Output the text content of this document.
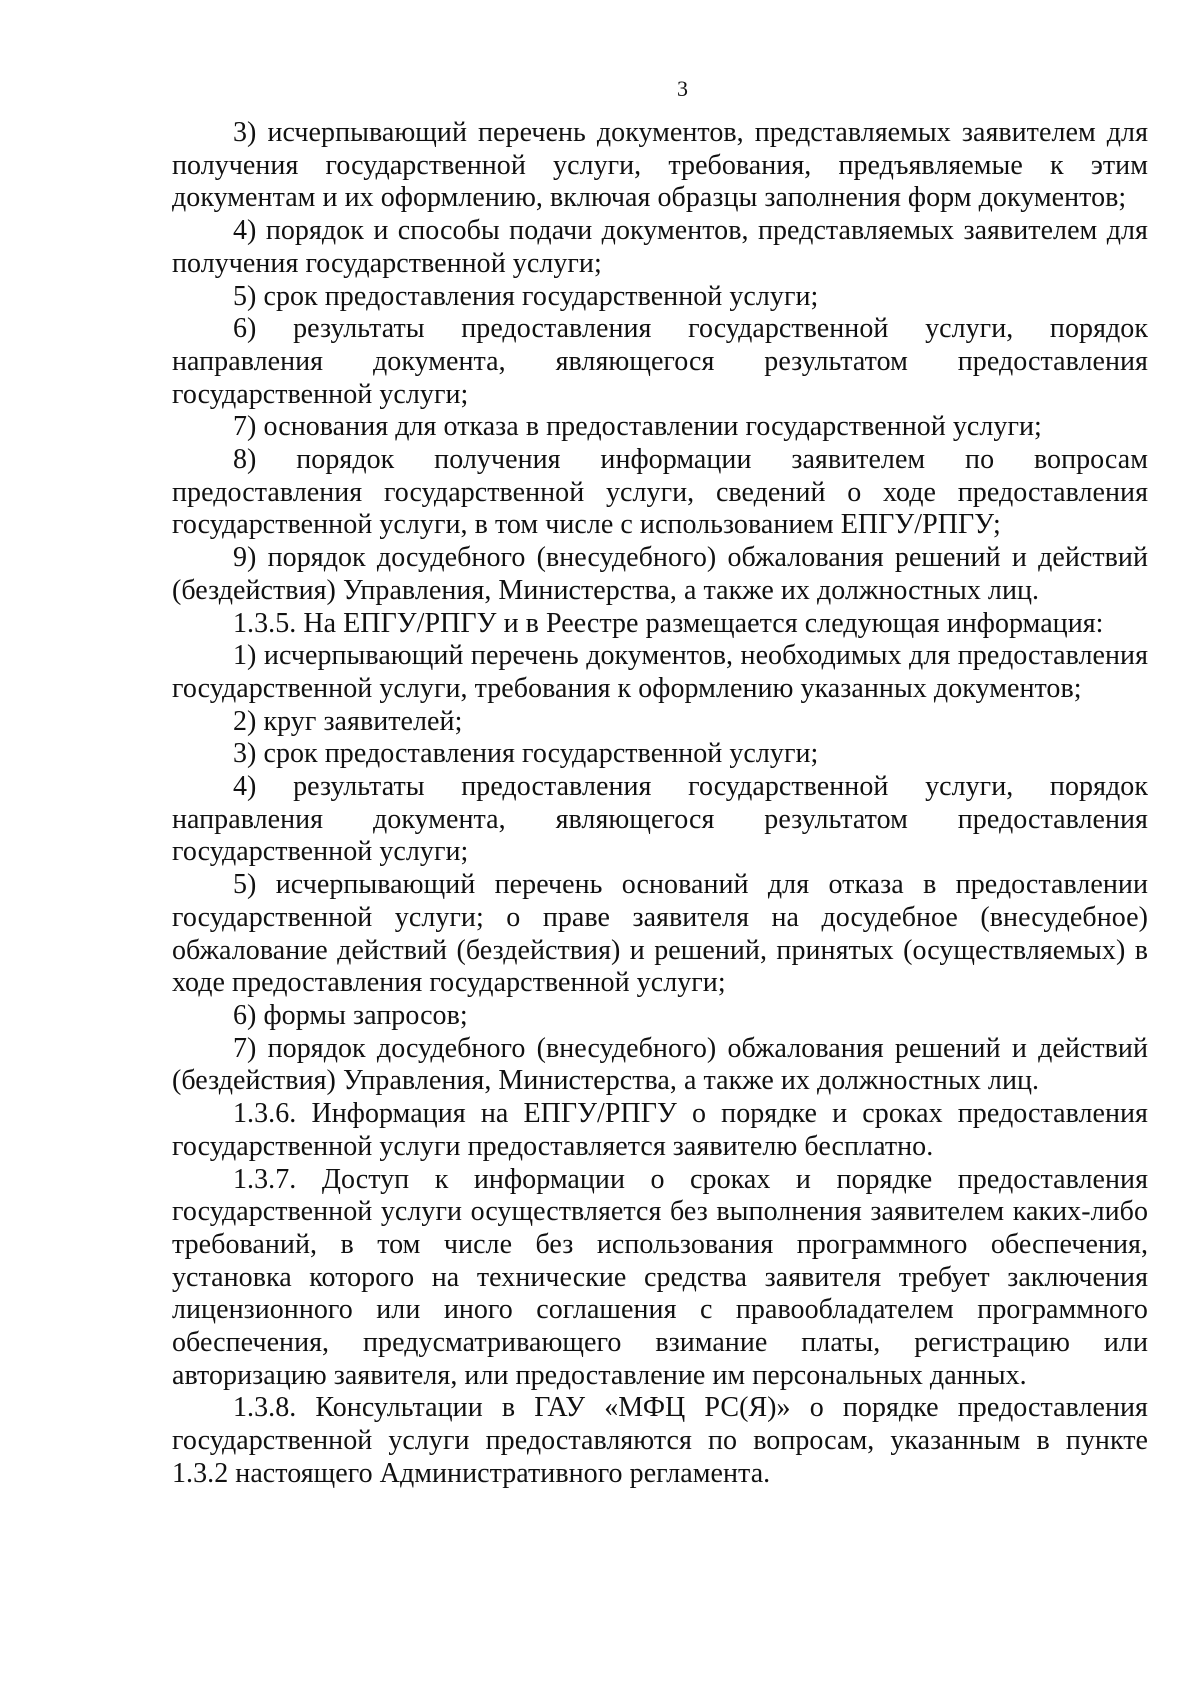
3

3) исчерпывающий перечень документов, представляемых заявителем для получения государственной услуги, требования, предъявляемые к этим документам и их оформлению, включая образцы заполнения форм документов;

4) порядок и способы подачи документов, представляемых заявителем для получения государственной услуги;

5) срок предоставления государственной услуги;

6) результаты предоставления государственной услуги, порядок направления документа, являющегося результатом предоставления государственной услуги;

7) основания для отказа в предоставлении государственной услуги;

8) порядок получения информации заявителем по вопросам предоставления государственной услуги, сведений о ходе предоставления государственной услуги, в том числе с использованием ЕПГУ/РПГУ;

9) порядок досудебного (внесудебного) обжалования решений и действий (бездействия) Управления, Министерства, а также их должностных лиц.

1.3.5. На ЕПГУ/РПГУ и в Реестре размещается следующая информация:

1) исчерпывающий перечень документов, необходимых для предоставления государственной услуги, требования к оформлению указанных документов;

2) круг заявителей;

3) срок предоставления государственной услуги;

4) результаты предоставления государственной услуги, порядок направления документа, являющегося результатом предоставления государственной услуги;

5) исчерпывающий перечень оснований для отказа в предоставлении государственной услуги; о праве заявителя на досудебное (внесудебное) обжалование действий (бездействия) и решений, принятых (осуществляемых) в ходе предоставления государственной услуги;

6) формы запросов;

7) порядок досудебного (внесудебного) обжалования решений и действий (бездействия) Управления, Министерства, а также их должностных лиц.

1.3.6. Информация на ЕПГУ/РПГУ о порядке и сроках предоставления государственной услуги предоставляется заявителю бесплатно.

1.3.7. Доступ к информации о сроках и порядке предоставления государственной услуги осуществляется без выполнения заявителем каких-либо требований, в том числе без использования программного обеспечения, установка которого на технические средства заявителя требует заключения лицензионного или иного соглашения с правообладателем программного обеспечения, предусматривающего взимание платы, регистрацию или авторизацию заявителя, или предоставление им персональных данных.

1.3.8. Консультации в ГАУ «МФЦ РС(Я)» о порядке предоставления государственной услуги предоставляются по вопросам, указанным в пункте 1.3.2 настоящего Административного регламента.
